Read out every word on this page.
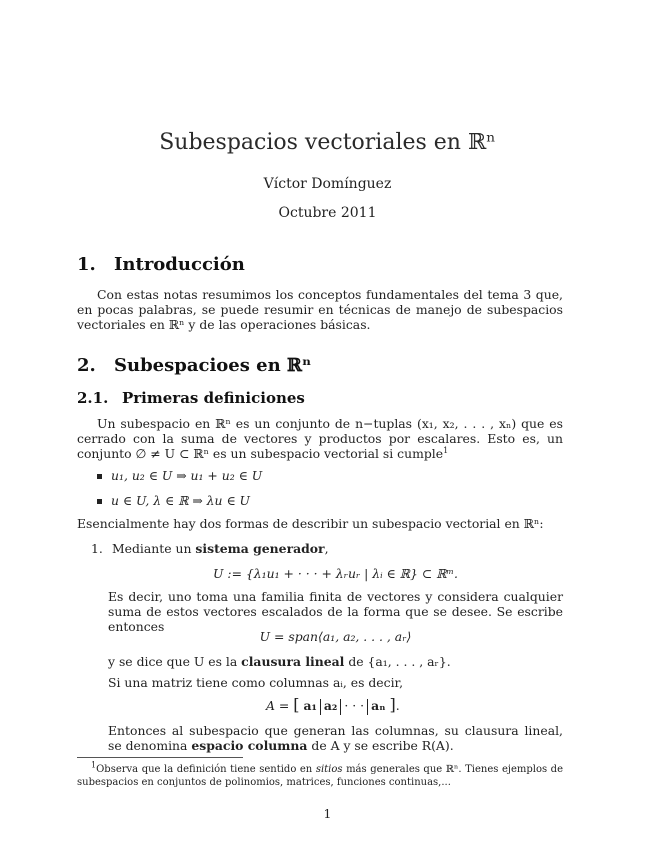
Subespacios vectoriales en ℝⁿ
Víctor Domínguez
Octubre 2011
1. Introducción
Con estas notas resumimos los conceptos fundamentales del tema 3 que, en pocas palabras, se puede resumir en técnicas de manejo de subespacios vectoriales en ℝⁿ y de las operaciones básicas.
2. Subespacioes en ℝⁿ
2.1. Primeras definiciones
Un subespacio en ℝⁿ es un conjunto de n−tuplas (x₁, x₂, . . . , xₙ) que es cerrado con la suma de vectores y productos por escalares. Esto es, un conjunto ∅ ≠ U ⊂ ℝⁿ es un subespacio vectorial si cumple$^1$
u₁, u₂ ∈ U ⇒ u₁ + u₂ ∈ U
u ∈ U, λ ∈ ℝ ⇒ λu ∈ U
Esencialmente hay dos formas de describir un subespacio vectorial en ℝⁿ:
1. Mediante un sistema generador,
U := {λ₁u₁ + · · · + λᵣuᵣ | λᵢ ∈ ℝ} ⊂ ℝᵐ.
Es decir, uno toma una familia finita de vectores y considera cualquier suma de estos vectores escalados de la forma que se desee. Se escribe entonces
U = span⟨a₁, a₂, . . . , aᵣ⟩
y se dice que U es la clausura lineal de {a₁, . . . , aᵣ}.
Si una matriz tiene como columnas aᵢ, es decir,
A = [ a₁ a₂ · · · aₙ ].
Entonces al subespacio que generan las columnas, su clausura lineal, se denomina espacio columna de A y se escribe R(A).
$^1$Observa que la definición tiene sentido en sitios más generales que ℝⁿ. Tienes ejemplos de subespacios en conjuntos de polinomios, matrices, funciones continuas,...
1
